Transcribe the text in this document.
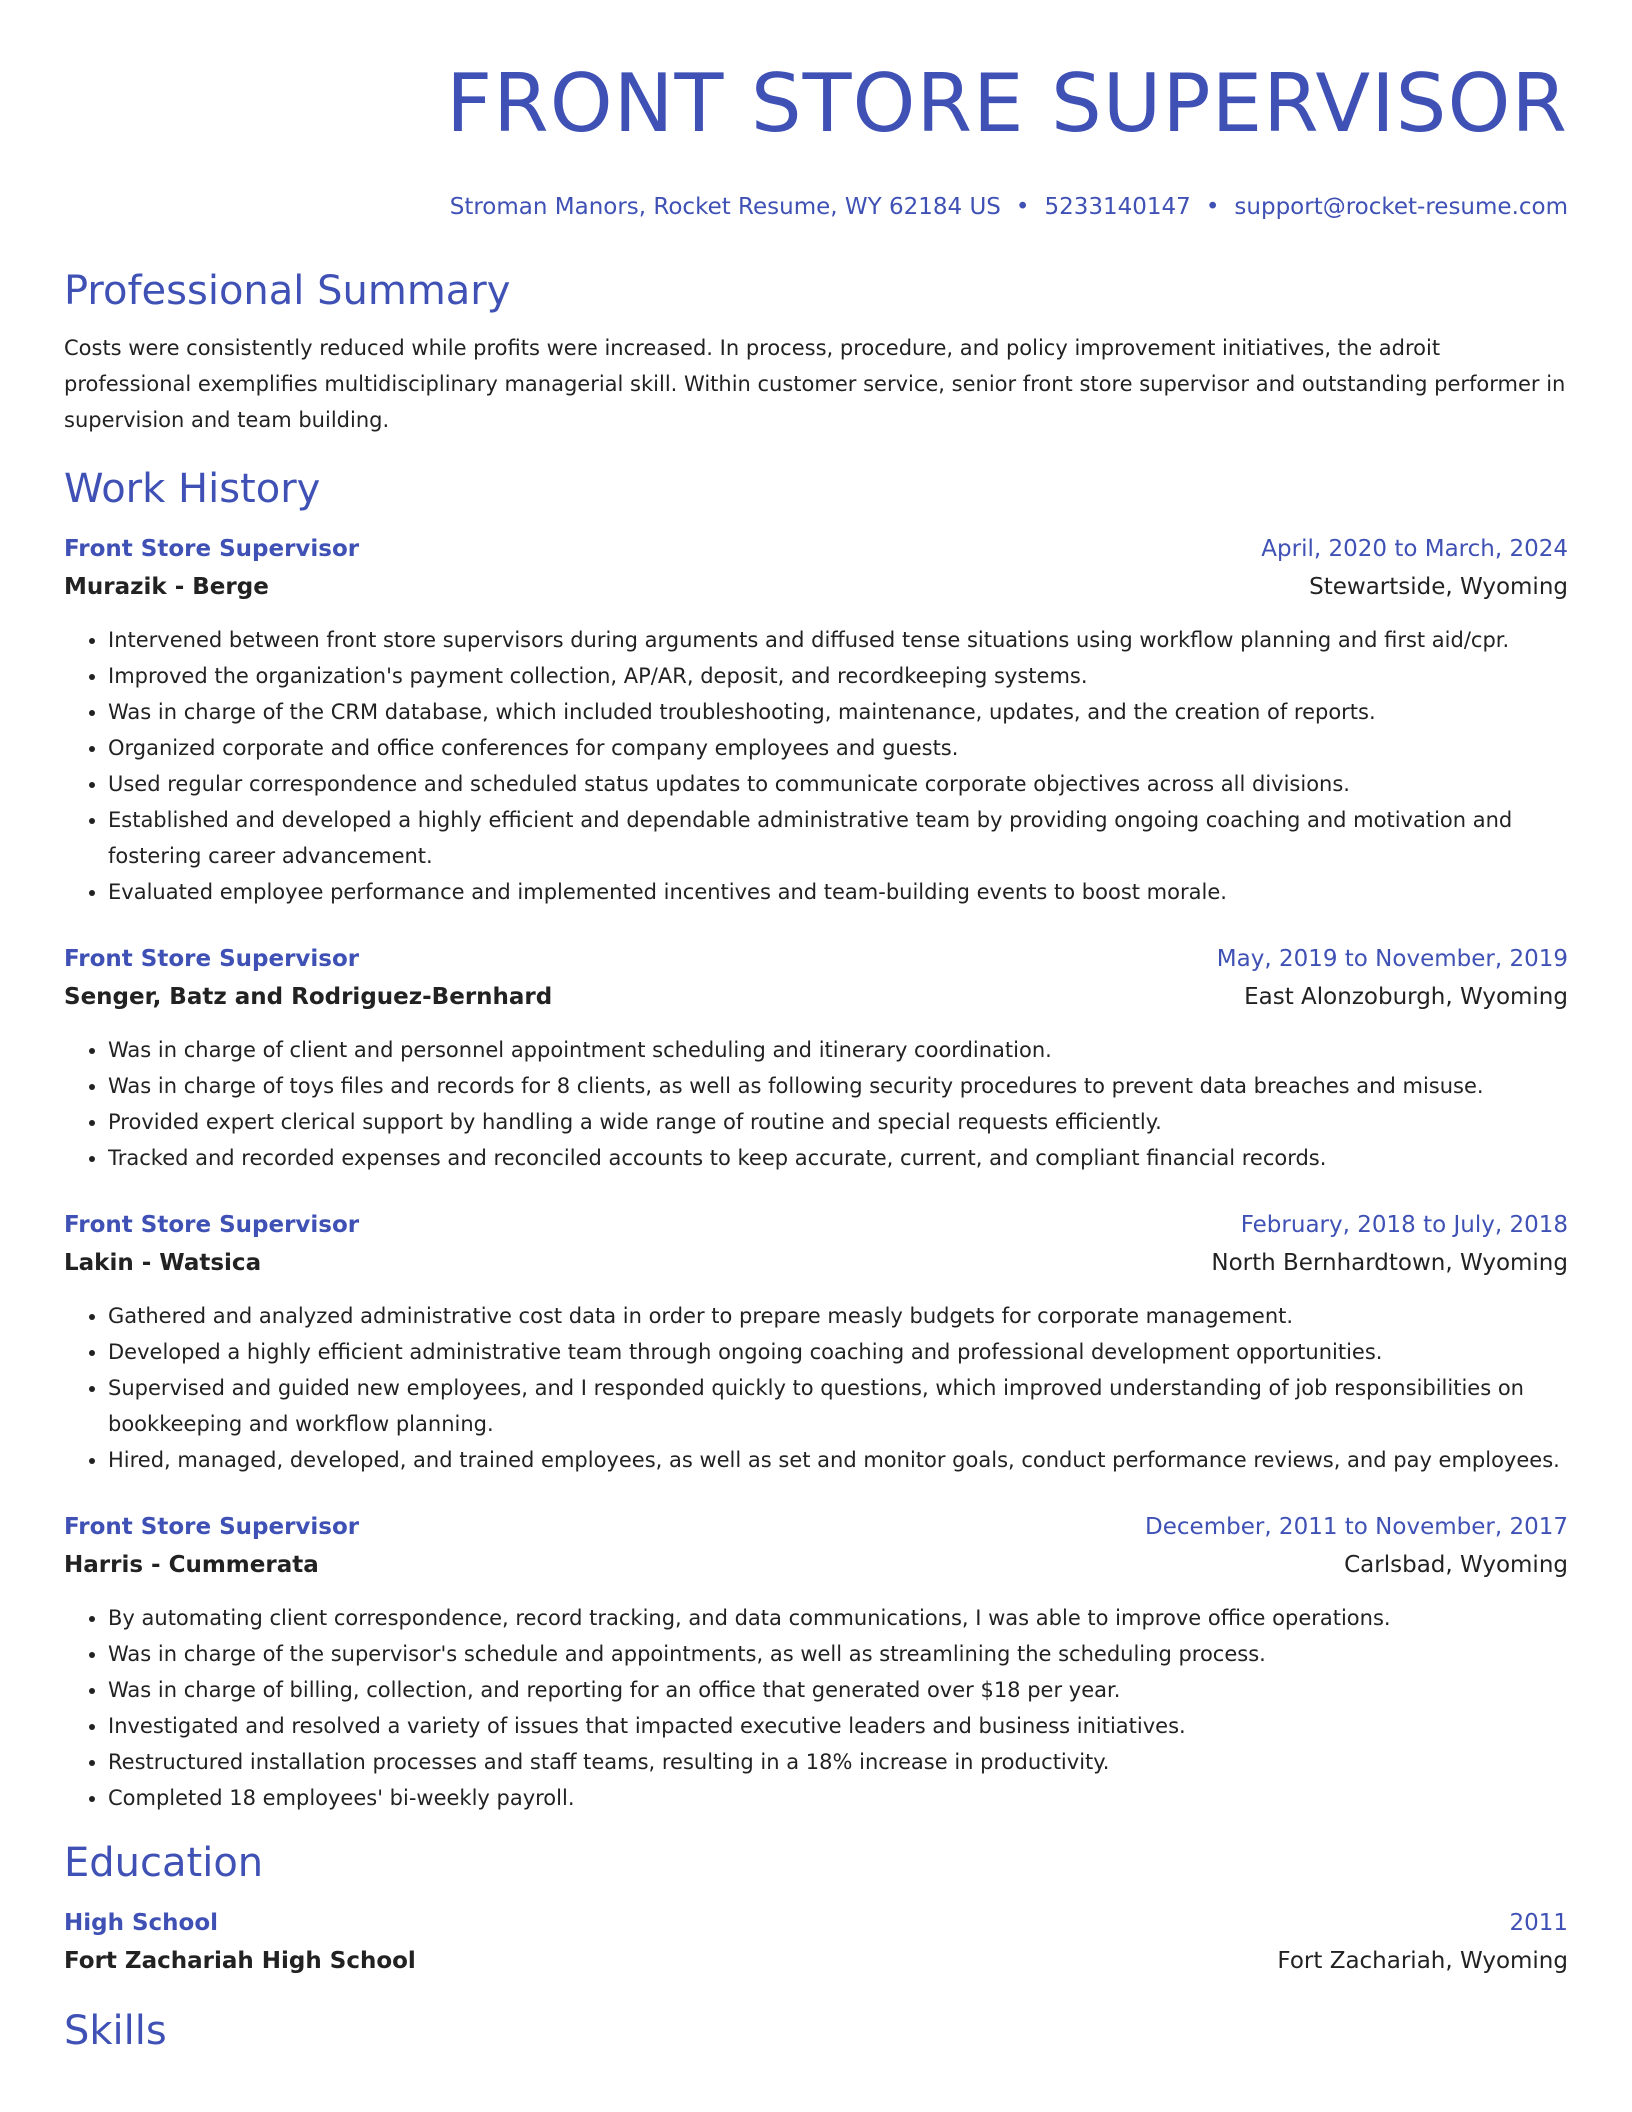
FRONT STORE SUPERVISOR
Stroman Manors, Rocket Resume, WY 62184 US • 5233140147 • support@rocket-resume.com
Professional Summary
Costs were consistently reduced while profits were increased. In process, procedure, and policy improvement initiatives, the adroit professional exemplifies multidisciplinary managerial skill. Within customer service, senior front store supervisor and outstanding performer in supervision and team building.
Work History
Front Store Supervisor	April, 2020 to March, 2024
Murazik - Berge	Stewartside, Wyoming
• Intervened between front store supervisors during arguments and diffused tense situations using workflow planning and first aid/cpr.
• Improved the organization's payment collection, AP/AR, deposit, and recordkeeping systems.
• Was in charge of the CRM database, which included troubleshooting, maintenance, updates, and the creation of reports.
• Organized corporate and office conferences for company employees and guests.
• Used regular correspondence and scheduled status updates to communicate corporate objectives across all divisions.
• Established and developed a highly efficient and dependable administrative team by providing ongoing coaching and motivation and fostering career advancement.
• Evaluated employee performance and implemented incentives and team-building events to boost morale.
Front Store Supervisor	May, 2019 to November, 2019
Senger, Batz and Rodriguez-Bernhard	East Alonzoburgh, Wyoming
• Was in charge of client and personnel appointment scheduling and itinerary coordination.
• Was in charge of toys files and records for 8 clients, as well as following security procedures to prevent data breaches and misuse.
• Provided expert clerical support by handling a wide range of routine and special requests efficiently.
• Tracked and recorded expenses and reconciled accounts to keep accurate, current, and compliant financial records.
Front Store Supervisor	February, 2018 to July, 2018
Lakin - Watsica	North Bernhardtown, Wyoming
• Gathered and analyzed administrative cost data in order to prepare measly budgets for corporate management.
• Developed a highly efficient administrative team through ongoing coaching and professional development opportunities.
• Supervised and guided new employees, and I responded quickly to questions, which improved understanding of job responsibilities on bookkeeping and workflow planning.
• Hired, managed, developed, and trained employees, as well as set and monitor goals, conduct performance reviews, and pay employees.
Front Store Supervisor	December, 2011 to November, 2017
Harris - Cummerata	Carlsbad, Wyoming
• By automating client correspondence, record tracking, and data communications, I was able to improve office operations.
• Was in charge of the supervisor's schedule and appointments, as well as streamlining the scheduling process.
• Was in charge of billing, collection, and reporting for an office that generated over $18 per year.
• Investigated and resolved a variety of issues that impacted executive leaders and business initiatives.
• Restructured installation processes and staff teams, resulting in a 18% increase in productivity.
• Completed 18 employees' bi-weekly payroll.
Education
High School	2011
Fort Zachariah High School	Fort Zachariah, Wyoming
Skills
